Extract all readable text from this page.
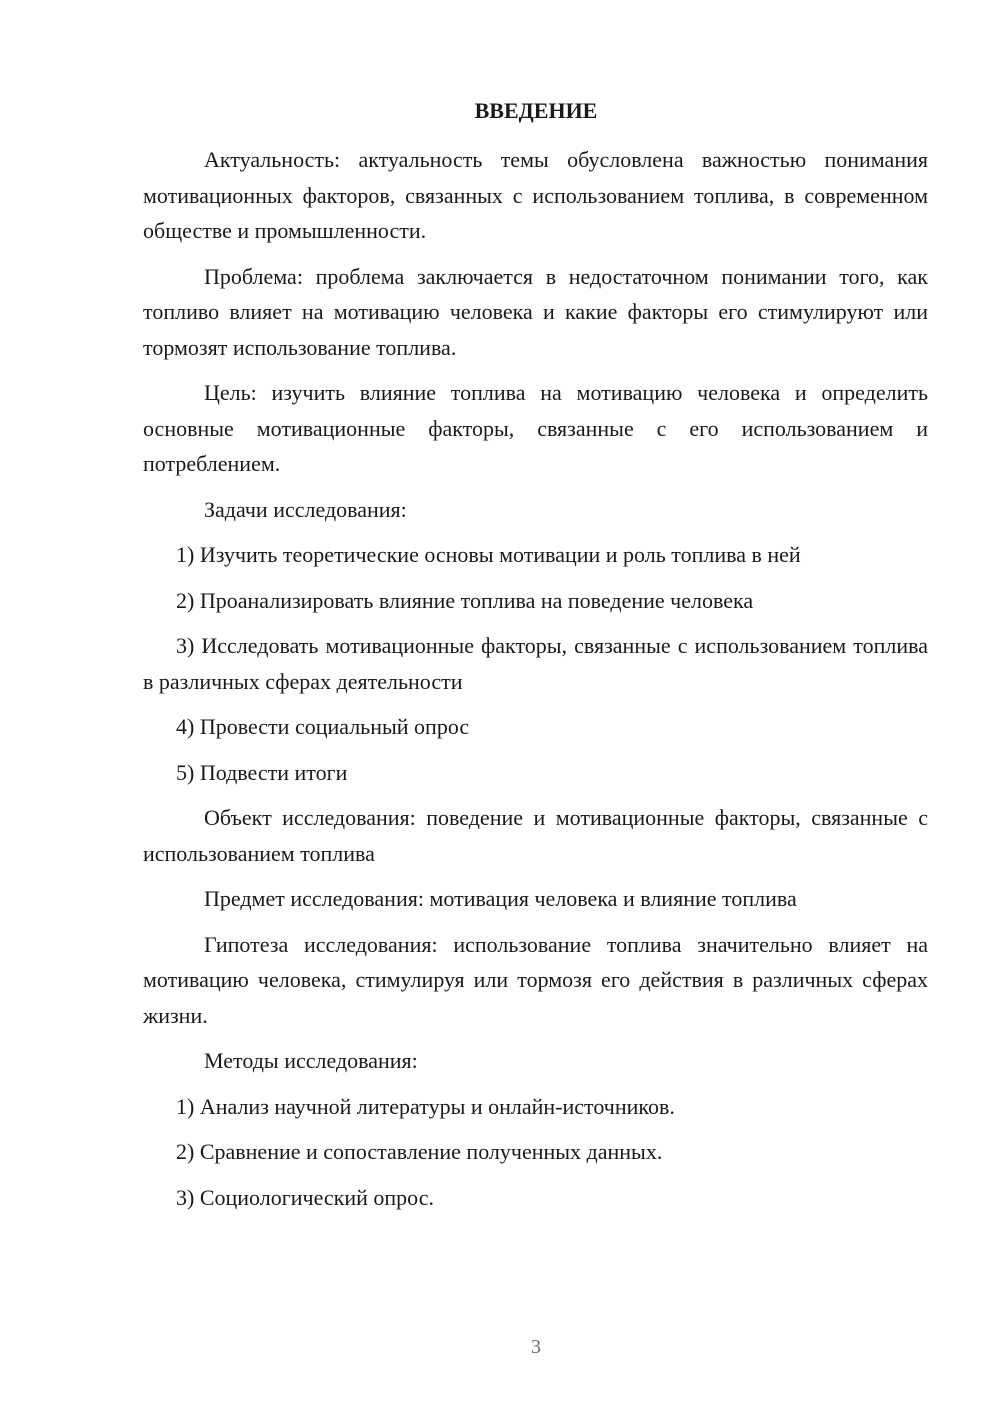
ВВЕДЕНИЕ

Актуальность: актуальность темы обусловлена важностью понимания мотивационных факторов, связанных с использованием топлива, в современном обществе и промышленности.

Проблема: проблема заключается в недостаточном понимании того, как топливо влияет на мотивацию человека и какие факторы его стимулируют или тормозят использование топлива.

Цель: изучить влияние топлива на мотивацию человека и определить основные мотивационные факторы, связанные с его использованием и потреблением.

Задачи исследования:

1) Изучить теоретические основы мотивации и роль топлива в ней

2) Проанализировать влияние топлива на поведение человека

3) Исследовать мотивационные факторы, связанные с использованием топлива в различных сферах деятельности

4) Провести социальный опрос

5) Подвести итоги

Объект исследования: поведение и мотивационные факторы, связанные с использованием топлива

Предмет исследования: мотивация человека и влияние топлива

Гипотеза исследования: использование топлива значительно влияет на мотивацию человека, стимулируя или тормозя его действия в различных сферах жизни.

Методы исследования:

1) Анализ научной литературы и онлайн-источников.

2) Сравнение и сопоставление полученных данных.

3) Социологический опрос.

3
